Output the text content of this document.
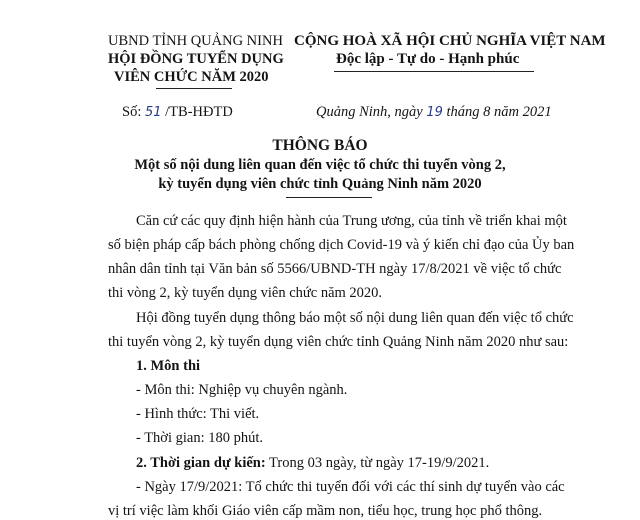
UBND TỈNH QUẢNG NINH
HỘI ĐỒNG TUYỂN DỤNG
VIÊN CHỨC NĂM 2020
CỘNG HOÀ XÃ HỘI CHỦ NGHĨA VIỆT NAM
Độc lập - Tự do - Hạnh phúc
Số: 51 /TB-HĐTD	Quảng Ninh, ngày 19 tháng 8 năm 2021
THÔNG BÁO
Một số nội dung liên quan đến việc tổ chức thi tuyển vòng 2,
kỳ tuyển dụng viên chức tỉnh Quảng Ninh năm 2020
Căn cứ các quy định hiện hành của Trung ương, của tỉnh về triển khai một
số biện pháp cấp bách phòng chống dịch Covid-19 và ý kiến chỉ đạo của Ủy ban
nhân dân tỉnh tại Văn bản số 5566/UBND-TH ngày 17/8/2021 về việc tổ chức
thi vòng 2, kỳ tuyển dụng viên chức năm 2020.
Hội đồng tuyển dụng thông báo một số nội dung liên quan đến việc tổ chức
thi tuyển vòng 2, kỳ tuyển dụng viên chức tỉnh Quảng Ninh năm 2020 như sau:
1. Môn thi
- Môn thi: Nghiệp vụ chuyên ngành.
- Hình thức: Thi viết.
- Thời gian: 180 phút.
2. Thời gian dự kiến: Trong 03 ngày, từ ngày 17-19/9/2021.
- Ngày 17/9/2021: Tổ chức thi tuyển đối với các thí sinh dự tuyển vào các
vị trí việc làm khối Giáo viên cấp mầm non, tiểu học, trung học phổ thông.
